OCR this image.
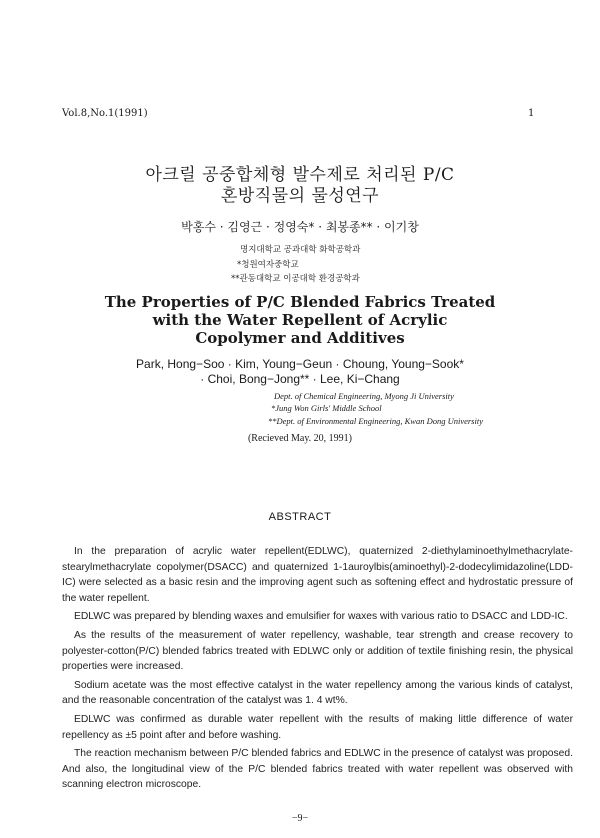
Vol.8,No.1(1991)	1
아크릴 공중합체형 발수제로 처리된 P/C
혼방직물의 물성연구
박홍수 · 김영근 · 정영숙* · 최봉종** · 이기창
명지대학교 공과대학 화학공학과
*청원여자중학교
**관동대학교 이공대학 환경공학과
The Properties of P/C Blended Fabrics Treated
with the Water Repellent of Acrylic
Copolymer and Additives
Park, Hong−Soo · Kim, Young−Geun · Choung, Young−Sook*
· Choi, Bong−Jong** · Lee, Ki−Chang
Dept. of Chemical Engineering, Myong Ji University
*Jung Won Girls' Middle School
**Dept. of Environmental Engineering, Kwan Dong University
(Recieved May. 20, 1991)
ABSTRACT

In the preparation of acrylic water repellent(EDLWC), quaternized 2-diethylaminoethylmethacrylate-stearylmethacrylate copolymer(DSACC) and quaternized 1-1auroylbis(aminoethyl)-2-dodecylimidazoline(LDD-IC) were selected as a basic resin and the improving agent such as softening effect and hydrostatic pressure of the water repellent.

EDLWC was prepared by blending waxes and emulsifier for waxes with various ratio to DSACC and LDD-IC.

As the results of the measurement of water repellency, washable, tear strength and crease recovery to polyester-cotton(P/C) blended fabrics treated with EDLWC only or addition of textile finishing resin, the physical properties were increased.

Sodium acetate was the most effective catalyst in the water repellency among the various kinds of catalyst, and the reasonable concentration of the catalyst was 1. 4 wt%.

EDLWC was confirmed as durable water repellent with the results of making little difference of water repellency as ±5 point after and before washing.

The reaction mechanism between P/C blended fabrics and EDLWC in the presence of catalyst was proposed. And also, the longitudinal view of the P/C blended fabrics treated with water repellent was observed with scanning electron microscope.

−9−
